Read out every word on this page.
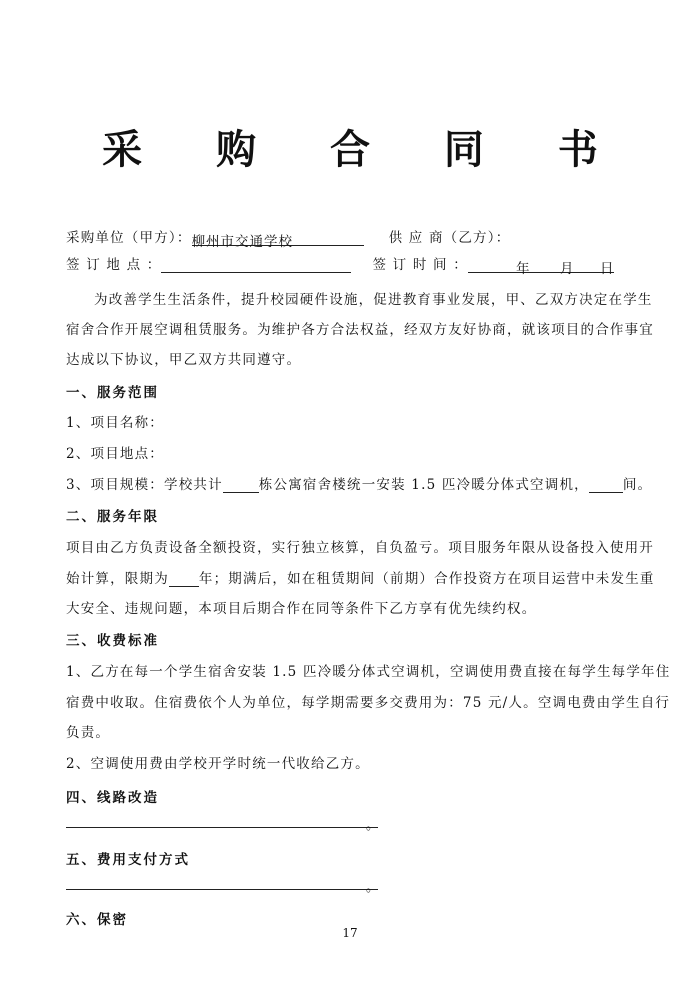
采 购 合 同 书
采购单位（甲方）：柳州市交通学校	供 应 商（乙方）：
签 订 地 点 ：	签 订 时 间 ：	年 月 日
为改善学生生活条件，提升校园硬件设施，促进教育事业发展，甲、乙双方决定在学生
宿舍合作开展空调租赁服务。为维护各方合法权益，经双方友好协商，就该项目的合作事宜
达成以下协议，甲乙双方共同遵守。
一、服务范围
1、项目名称：
2、项目地点：
3、项目规模：学校共计	栋公寓宿舍楼统一安装 1.5 匹冷暖分体式空调机，	间。
二、服务年限
项目由乙方负责设备全额投资，实行独立核算，自负盈亏。项目服务年限从设备投入使用开
始计算，限期为 年；期满后，如在租赁期间（前期）合作投资方在项目运营中未发生重
大安全、违规问题，本项目后期合作在同等条件下乙方享有优先续约权。
三、收费标准
1、乙方在每一个学生宿舍安装 1.5 匹冷暖分体式空调机，空调使用费直接在每学生每学年住
宿费中收取。住宿费依个人为单位，每学期需要多交费用为：75 元/人。空调电费由学生自行
负责。
2、空调使用费由学校开学时统一代收给乙方。
四、线路改造
。
五、费用支付方式
。
六、保密
17
